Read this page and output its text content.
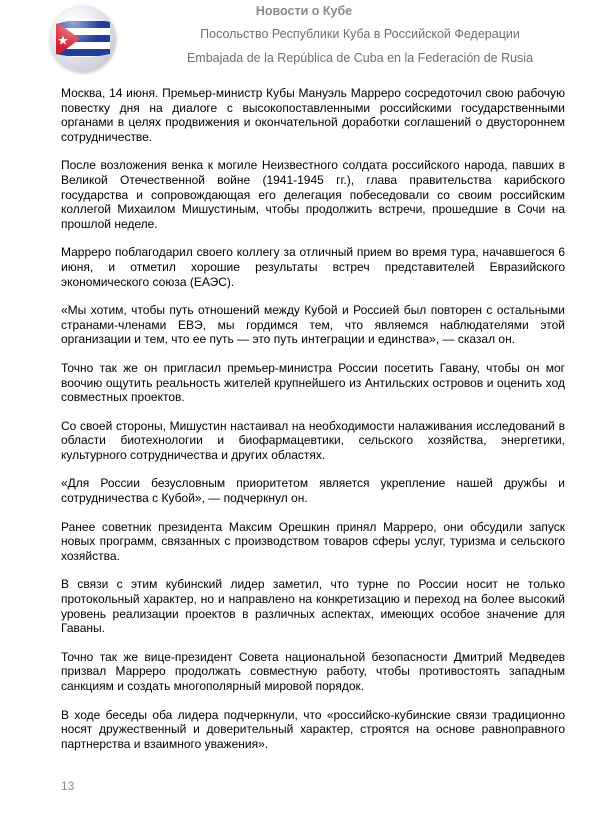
Новости о Кубе
Посольство Республики Куба в Российской Федерации
Embajada de la República de Cuba en la Federación de Rusia

Москва, 14 июня. Премьер-министр Кубы Мануэль Марреро сосредоточил свою рабочую повестку дня на диалоге с высокопоставленными российскими государственными органами в целях продвижения и окончательной доработки соглашений о двустороннем сотрудничестве.

После возложения венка к могиле Неизвестного солдата российского народа, павших в Великой Отечественной войне (1941-1945 гг.), глава правительства карибского государства и сопровождающая его делегация побеседовали со своим российским коллегой Михаилом Мишустиным, чтобы продолжить встречи, прошедшие в Сочи на прошлой неделе.

Марреро поблагодарил своего коллегу за отличный прием во время тура, начавшегося 6 июня, и отметил хорошие результаты встреч представителей Евразийского экономического союза (ЕАЭС).

«Мы хотим, чтобы путь отношений между Кубой и Россией был повторен с остальными странами-членами ЕВЭ, мы гордимся тем, что являемся наблюдателями этой организации и тем, что ее путь — это путь интеграции и единства», — сказал он.

Точно так же он пригласил премьер-министра России посетить Гавану, чтобы он мог воочию ощутить реальность жителей крупнейшего из Антильских островов и оценить ход совместных проектов.

Со своей стороны, Мишустин настаивал на необходимости налаживания исследований в области биотехнологии и биофармацевтики, сельского хозяйства, энергетики, культурного сотрудничества и других областях.

«Для России безусловным приоритетом является укрепление нашей дружбы и сотрудничества с Кубой», — подчеркнул он.

Ранее советник президента Максим Орешкин принял Марреро, они обсудили запуск новых программ, связанных с производством товаров сферы услуг, туризма и сельского хозяйства.

В связи с этим кубинский лидер заметил, что турне по России носит не только протокольный характер, но и направлено на конкретизацию и переход на более высокий уровень реализации проектов в различных аспектах, имеющих особое значение для Гаваны.

Точно так же вице-президент Совета национальной безопасности Дмитрий Медведев призвал Марреро продолжать совместную работу, чтобы противостоять западным санкциям и создать многополярный мировой порядок.

В ходе беседы оба лидера подчеркнули, что «российско-кубинские связи традиционно носят дружественный и доверительный характер, строятся на основе равноправного партнерства и взаимного уважения».

13
